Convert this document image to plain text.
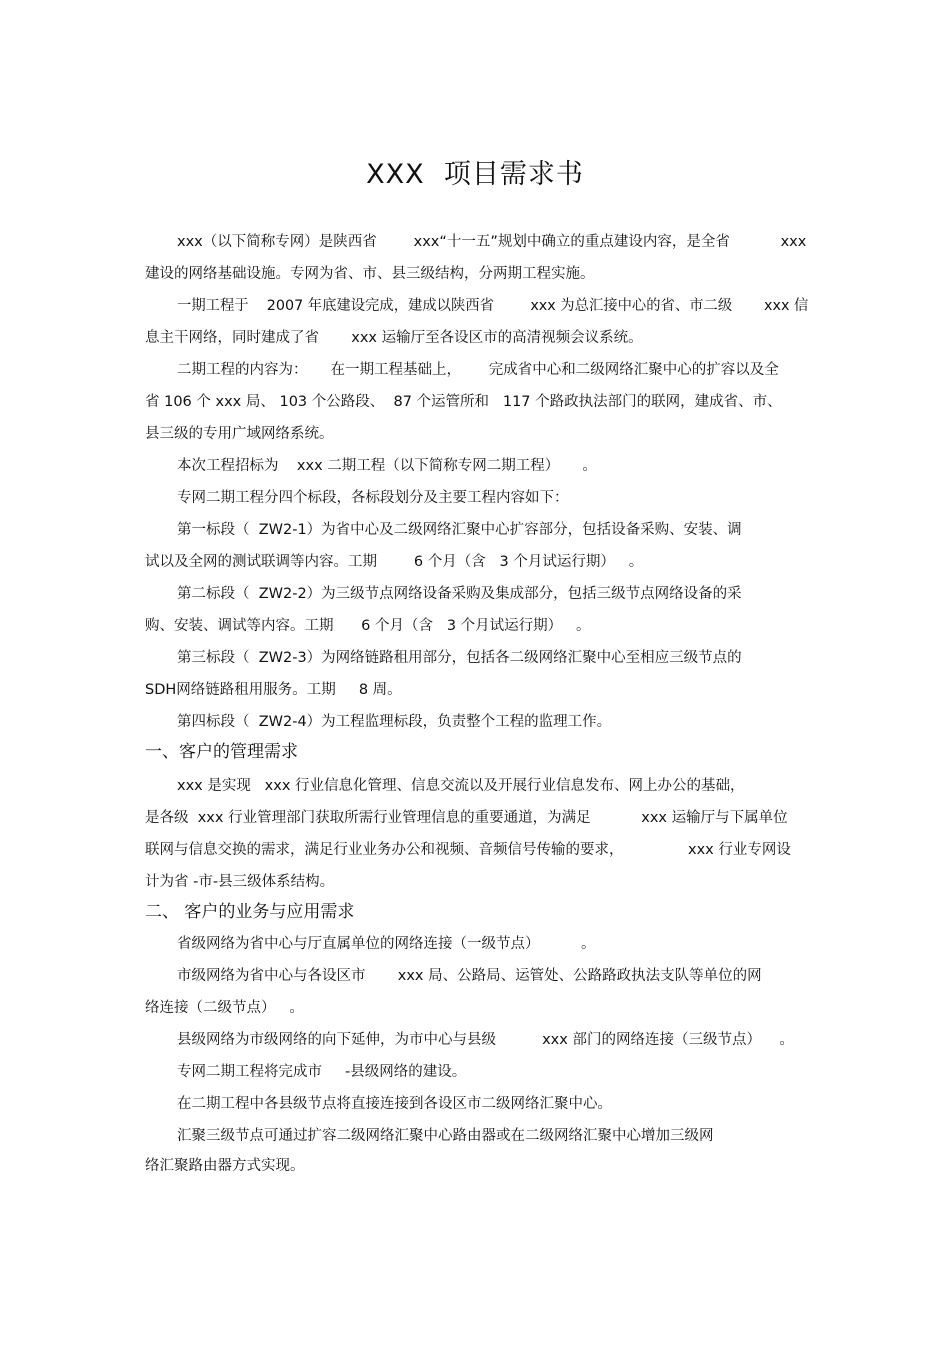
XXX  项目需求书
xxx（以下简称专网）是陕西省        xxx“十一五”规划中确立的重点建设内容，是全省           xxx
建设的网络基础设施。专网为省、市、县三级结构，分两期工程实施。
一期工程于    2007 年底建设完成，建成以陕西省        xxx 为总汇接中心的省、市二级       xxx 信
息主干网络，同时建成了省       xxx 运输厅至各设区市的高清视频会议系统。
二期工程的内容为：     在一期工程基础上，      完成省中心和二级网络汇聚中心的扩容以及全
省 106 个 xxx 局、 103 个公路段、  87 个运管所和   117 个路政执法部门的联网，建成省、市、
县三级的专用广域网络系统。
本次工程招标为    xxx 二期工程（以下简称专网二期工程）     。
专网二期工程分四个标段，各标段划分及主要工程内容如下：
第一标段（  ZW2-1）为省中心及二级网络汇聚中心扩容部分，包括设备采购、安装、调
试以及全网的测试联调等内容。工期        6 个月（含   3 个月试运行期）   。
第二标段（  ZW2-2）为三级节点网络设备采购及集成部分，包括三级节点网络设备的采
购、安装、调试等内容。工期      6 个月（含   3 个月试运行期）   。
第三标段（  ZW2-3）为网络链路租用部分，包括各二级网络汇聚中心至相应三级节点的
SDH网络链路租用服务。工期     8 周。
第四标段（  ZW2-4）为工程监理标段，负责整个工程的监理工作。
一、客户的管理需求
xxx 是实现   xxx 行业信息化管理、信息交流以及开展行业信息发布、网上办公的基础，
是各级  xxx 行业管理部门获取所需行业管理信息的重要通道，为满足           xxx 运输厅与下属单位
联网与信息交换的需求，满足行业业务办公和视频、音频信号传输的要求，              xxx 行业专网设
计为省 -市-县三级体系结构。
二、 客户的业务与应用需求
省级网络为省中心与厅直属单位的网络连接（一级节点）         。
市级网络为省中心与各设区市       xxx 局、公路局、运管处、公路路政执法支队等单位的网
络连接（二级节点）   。
县级网络为市级网络的向下延伸，为市中心与县级          xxx 部门的网络连接（三级节点）    。
专网二期工程将完成市     -县级网络的建设。
在二期工程中各县级节点将直接连接到各设区市二级网络汇聚中心。
汇聚三级节点可通过扩容二级网络汇聚中心路由器或在二级网络汇聚中心增加三级网
络汇聚路由器方式实现。
